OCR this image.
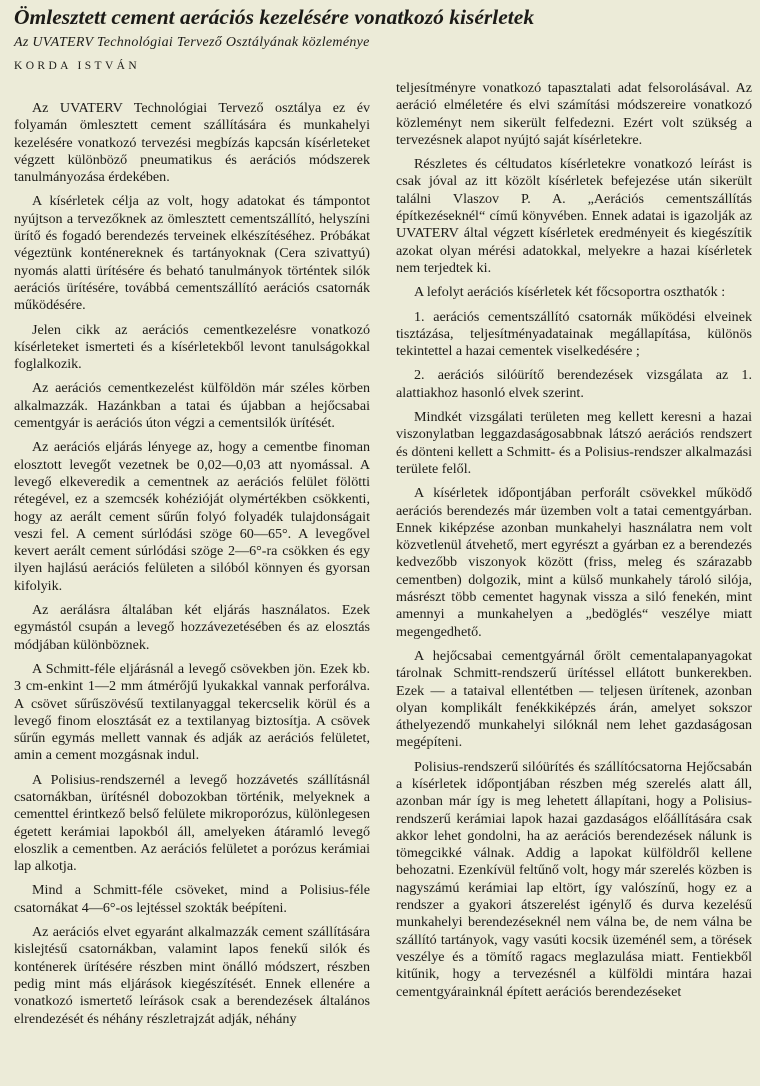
Ömlesztett cement aerációs kezelésére vonatkozó kisérletek
Az UVATERV Technológiai Tervező Osztályának közleménye
KORDA ISTVÁN

Az UVATERV Technológiai Tervező osztálya ez év folyamán ömlesztett cement szállítására és munkahelyi kezelésére vonatkozó tervezési megbízás kapcsán kísérleteket végzett különböző pneumatikus és aerációs módszerek tanulmányozása érdekében.

A kísérletek célja az volt, hogy adatokat és támpontot nyújtson a tervezőknek az ömlesztett cementszállító, helyszíni ürítő és fogadó berendezés terveinek elkészítéséhez. Próbákat végeztünk konténereknek és tartányoknak (Cera szivattyú) nyomás alatti ürítésére és beható tanulmányok történtek silók aerációs ürítésére, továbbá cementszállító aerációs csatornák működésére.

Jelen cikk az aerációs cementkezelésre vonatkozó kísérleteket ismerteti és a kísérletekből levont tanulságokkal foglalkozik.

Az aerációs cementkezelést külföldön már széles körben alkalmazzák. Hazánkban a tatai és újabban a hejőcsabai cementgyár is aerációs úton végzi a cementsilók ürítését.

Az aerációs eljárás lényege az, hogy a cementbe finoman elosztott levegőt vezetnek be 0,02—0,03 att nyomással. A levegő elkeveredik a cementnek az aerációs felület fölötti rétegével, ez a szemcsék kohézióját olymértékben csökkenti, hogy az aerált cement sűrűn folyó folyadék tulajdonságait veszi fel. A cement súrlódási szöge 60—65°. A levegővel kevert aerált cement súrlódási szöge 2—6°-ra csökken és egy ilyen hajlású aerációs felületen a silóból könnyen és gyorsan kifolyik.

Az aerálásra általában két eljárás használatos. Ezek egymástól csupán a levegő hozzávezetésében és az elosztás módjában különböznek.

A Schmitt-féle eljárásnál a levegő csövekben jön. Ezek kb. 3 cm-enkint 1—2 mm átmérőjű lyukakkal vannak perforálva. A csövet sűrűszövésű textilanyaggal tekercselik körül és a levegő finom elosztását ez a textilanyag biztosítja. A csövek sűrűn egymás mellett vannak és adják az aerációs felületet, amin a cement mozgásnak indul.

A Polisius-rendszernél a levegő hozzávetés szállításnál csatornákban, ürítésnél dobozokban történik, melyeknek a cementtel érintkező belső felülete mikroporózus, különlegesen égetett kerámiai lapokból áll, amelyeken átáramló levegő eloszlik a cementben. Az aerációs felületet a porózus kerámiai lap alkotja.

Mind a Schmitt-féle csöveket, mind a Polisius-féle csatornákat 4—6°-os lejtéssel szokták beépíteni.

Az aerációs elvet egyaránt alkalmazzák cement szállítására kislejtésű csatornákban, valamint lapos fenekű silók és konténerek ürítésére részben mint önálló módszert, részben pedig mint más eljárások kiegészítését. Ennek ellenére a vonatkozó ismertető leírások csak a berendezések általános elrendezését és néhány részletrajzát adják, néhány

teljesítményre vonatkozó tapasztalati adat felsorolásával. Az aeráció elméletére és elvi számítási módszereire vonatkozó közleményt nem sikerült felfedezni. Ezért volt szükség a tervezésnek alapot nyújtó saját kísérletekre.

Részletes és céltudatos kísérletekre vonatkozó leírást is csak jóval az itt közölt kísérletek befejezése után sikerült találni Vlaszov P. A. „Aerációs cementszállítás építkezéseknél“ című könyvében. Ennek adatai is igazolják az UVATERV által végzett kísérletek eredményeit és kiegészítik azokat olyan mérési adatokkal, melyekre a hazai kísérletek nem terjedtek ki.

A lefolyt aerációs kísérletek két főcsoportra oszthatók :

1. aerációs cementszállító csatornák működési elveinek tisztázása, teljesítményadatainak megállapítása, különös tekintettel a hazai cementek viselkedésére ;

2. aerációs silóürítő berendezések vizsgálata az 1. alattiakhoz hasonló elvek szerint.

Mindkét vizsgálati területen meg kellett keresni a hazai viszonylatban leggazdaságosabbnak látszó aerációs rendszert és dönteni kellett a Schmitt- és a Polisius-rendszer alkalmazási területe felől.

A kísérletek időpontjában perforált csövekkel működő aerációs berendezés már üzemben volt a tatai cementgyárban. Ennek kiképzése azonban munkahelyi használatra nem volt közvetlenül átvehető, mert egyrészt a gyárban ez a berendezés kedvezőbb viszonyok között (friss, meleg és szárazabb cementben) dolgozik, mint a külső munkahely tároló silója, másrészt több cementet hagynak vissza a siló fenekén, mint amennyi a munkahelyen a „bedöglés“ veszélye miatt megengedhető.

A hejőcsabai cementgyárnál őrölt cementalapanyagokat tárolnak Schmitt-rendszerű ürítéssel ellátott bunkerekben. Ezek — a tataival ellentétben — teljesen ürítenek, azonban olyan komplikált fenékkiképzés árán, amelyet sokszor áthelyezendő munkahelyi silóknál nem lehet gazdaságosan megépíteni.

Polisius-rendszerű silóürítés és szállítócsatorna Hejőcsabán a kísérletek időpontjában részben még szerelés alatt áll, azonban már így is meg lehetett állapítani, hogy a Polisius-rendszerű kerámiai lapok hazai gazdaságos előállítására csak akkor lehet gondolni, ha az aerációs berendezések nálunk is tömegcikké válnak. Addig a lapokat külföldről kellene behozatni. Ezenkívül feltűnő volt, hogy már szerelés közben is nagyszámú kerámiai lap eltört, így valószínű, hogy ez a rendszer a gyakori átszerelést igénylő és durva kezelésű munkahelyi berendezéseknél nem válna be, de nem válna be szállító tartányok, vagy vasúti kocsik üzeménél sem, a törések veszélye és a tömítő ragacs meglazulása miatt. Fentiekből kitűnik, hogy a tervezésnél a külföldi mintára hazai cementgyárainknál épített aerációs berendezéseket
